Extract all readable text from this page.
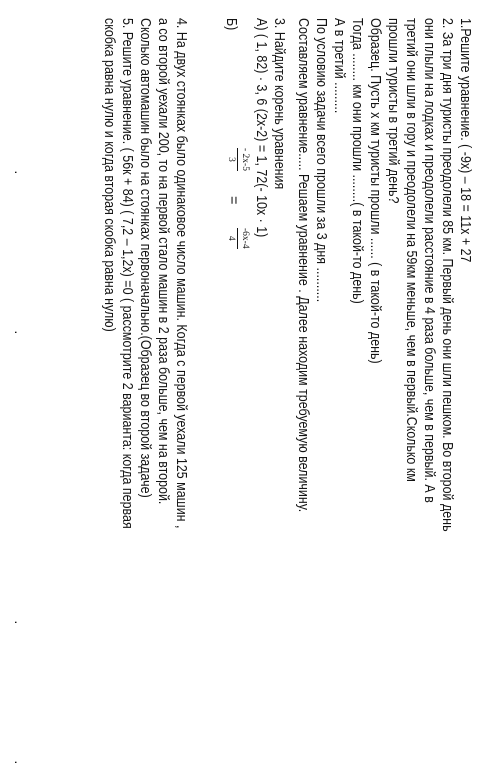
1.Решите уравнение. ( -9x) – 18 = 11x + 27
2. За три дня туристы преодолели 85 км. Первый день они шли пешком. Во второй день
они плыли на лодках и преодолели расстояние в 4 раза больше, чем в первый. А в
третий они шли в гору и преодолели на 59км меньше, чем в первый.Сколько км
прошли туристы в третий день?
Образец. Пусть x км туристы прошли ...... ( в такой-то день)
Тогда ........ км они прошли ........( в такой-то день)
А в третий .........
По условию задачи всего прошли за 3 дня ..........
Составляем уравнение..... Решаем уравнение . Далее находим требуемую величину.
3. Найдите корень уравнения
А) ( 1, 82) · 3, 6 (2x-2) = 1, 72(- 10x · 1)
Б)
- 2x-5
3
=
-6x-4
4
4. На двух стоянках было одинаковое число машин. Когда с первой уехали 125 машин ,
а со второй уехали 200, то на первой стало машин в 2 раза больше, чем на второй.
Сколько автомашин было на стоянках первоначально.(Образец во второй задаче)
5. Решите уравнение. ( 56к + 84) ( 7,2 – 1,2x) =0 ( рассмотрите 2 варианта: когда первая
скобка равна нулю и когда вторая скобка равна нулю)
·
·
·
·
